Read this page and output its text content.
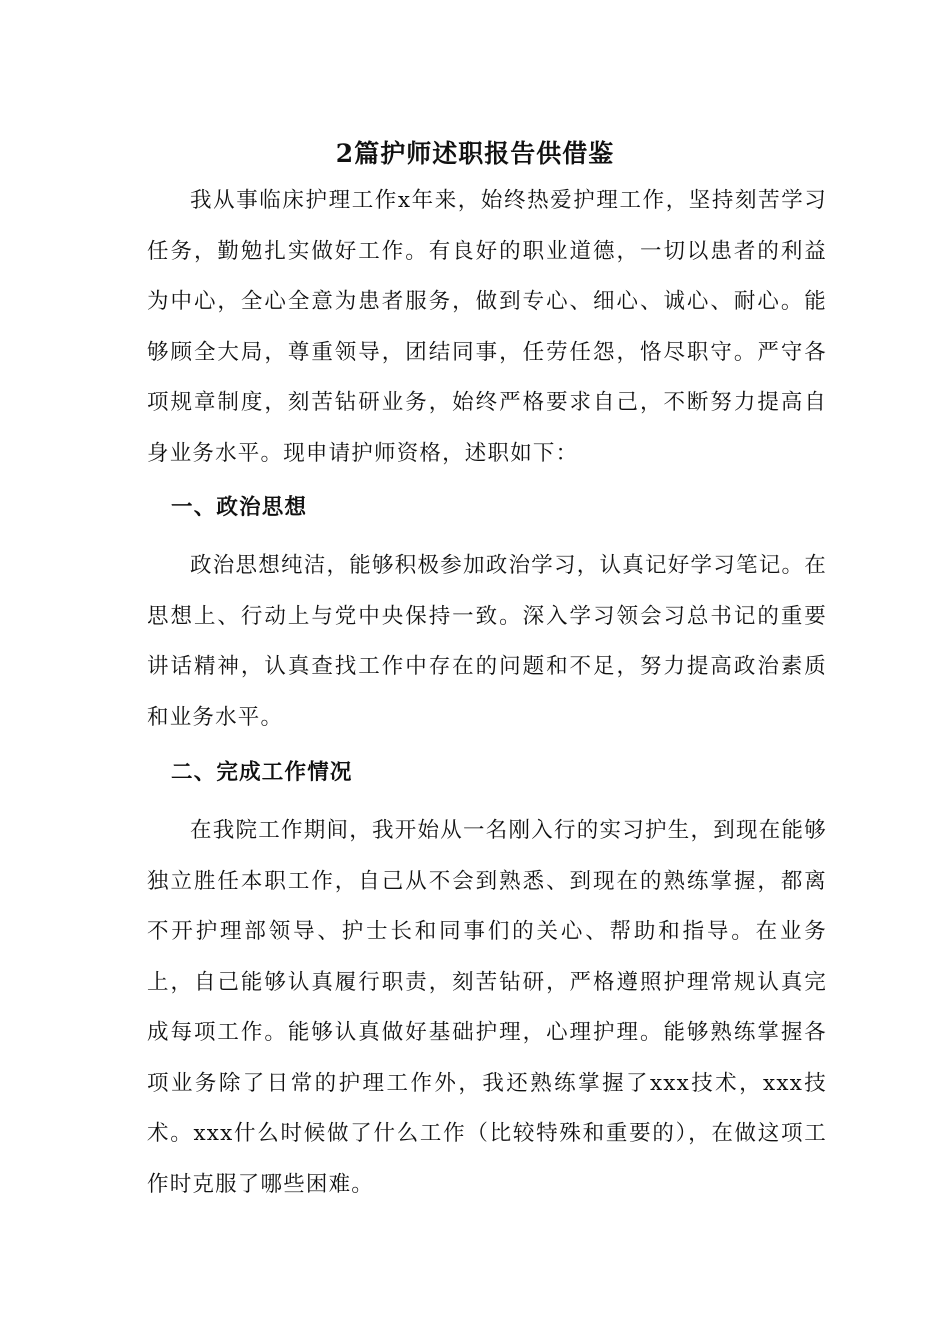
2篇护师述职报告供借鉴

我从事临床护理工作x年来，始终热爱护理工作，坚持刻苦学习任务，勤勉扎实做好工作。有良好的职业道德，一切以患者的利益为中心，全心全意为患者服务，做到专心、细心、诚心、耐心。能够顾全大局，尊重领导，团结同事，任劳任怨，恪尽职守。严守各项规章制度，刻苦钻研业务，始终严格要求自己，不断努力提高自身业务水平。现申请护师资格，述职如下：

一、政治思想

政治思想纯洁，能够积极参加政治学习，认真记好学习笔记。在思想上、行动上与党中央保持一致。深入学习领会习总书记的重要讲话精神，认真查找工作中存在的问题和不足，努力提高政治素质和业务水平。

二、完成工作情况

在我院工作期间，我开始从一名刚入行的实习护生，到现在能够独立胜任本职工作，自己从不会到熟悉、到现在的熟练掌握，都离不开护理部领导、护士长和同事们的关心、帮助和指导。在业务上，自己能够认真履行职责，刻苦钻研，严格遵照护理常规认真完成每项工作。能够认真做好基础护理，心理护理。能够熟练掌握各项业务除了日常的护理工作外，我还熟练掌握了xxx技术，xxx技术。xxx什么时候做了什么工作（比较特殊和重要的），在做这项工作时克服了哪些困难。
